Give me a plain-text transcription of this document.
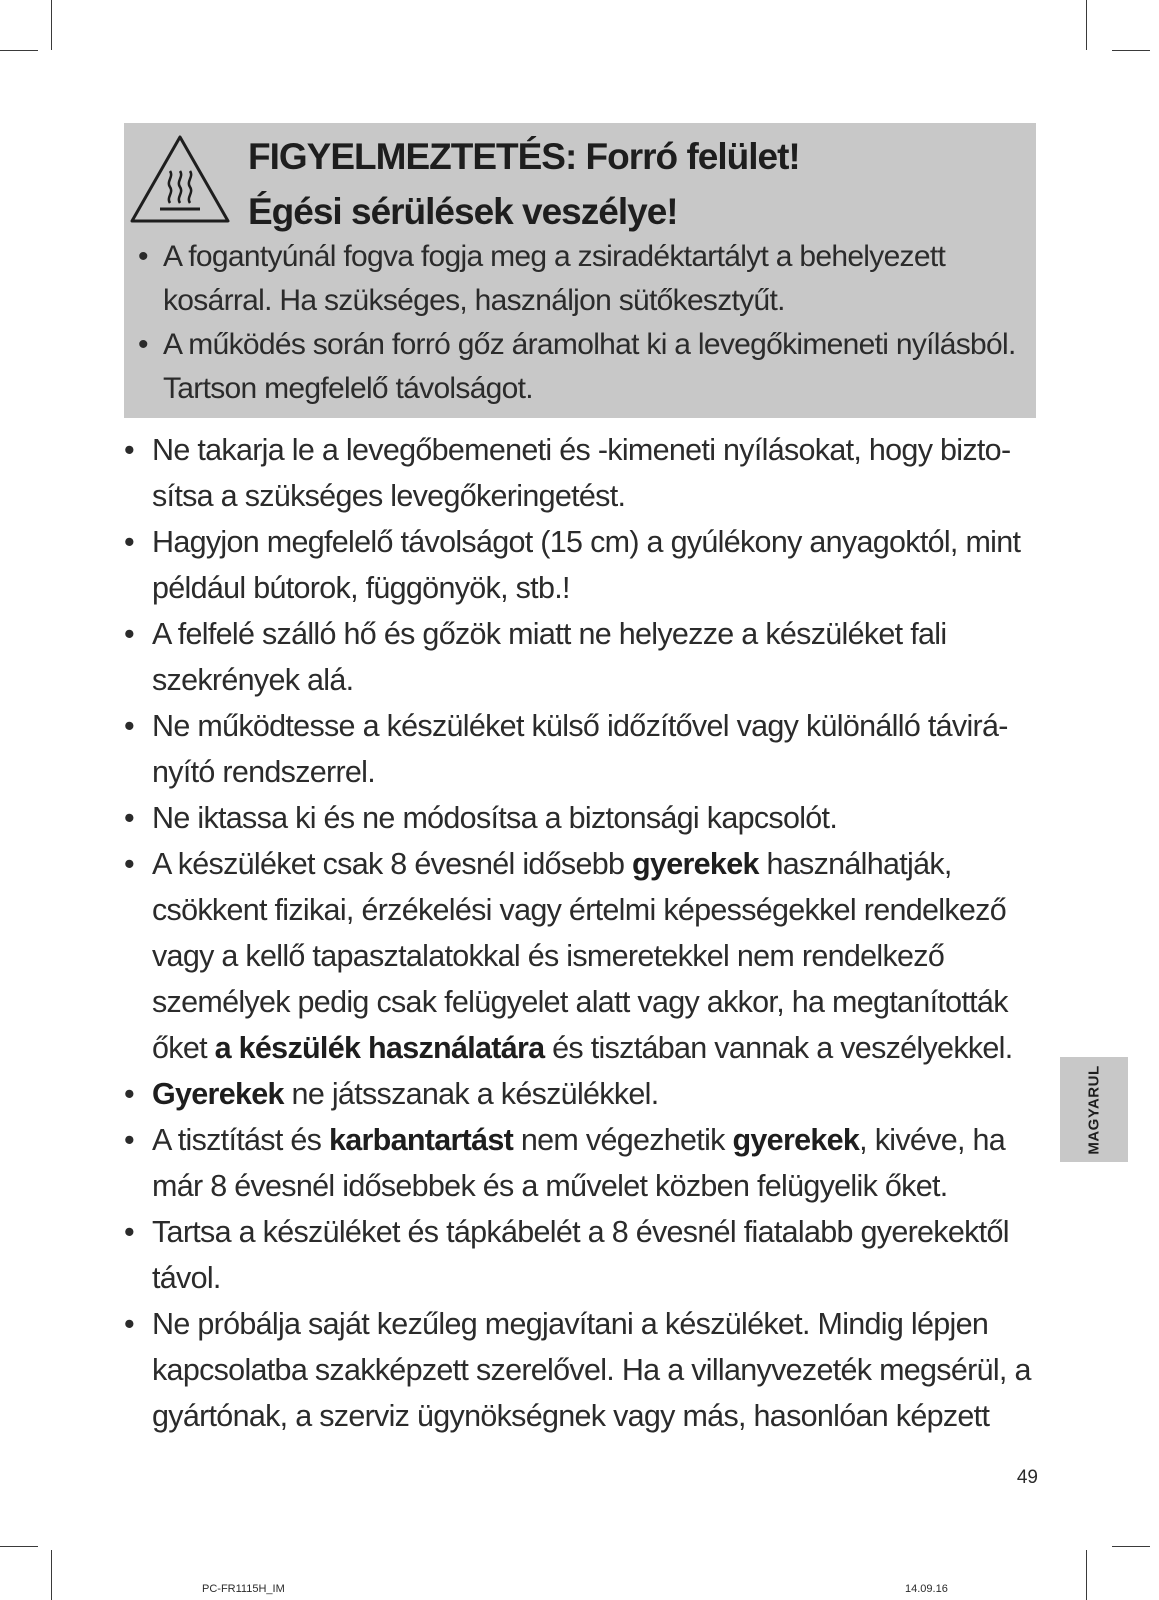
FIGYELMEZTETÉS: Forró felület!
Égési sérülések veszélye!
• A fogantyúnál fogva fogja meg a zsiradéktartályt a behelyezett kosárral. Ha szükséges, használjon sütőkesztyűt.
• A működés során forró gőz áramolhat ki a levegőkimeneti nyílásból. Tartson megfelelő távolságot.
• Ne takarja le a levegőbemeneti és -kimeneti nyílásokat, hogy biztosítsa a szükséges levegőkeringetést.
• Hagyjon megfelelő távolságot (15 cm) a gyúlékony anyagoktól, mint például bútorok, függönyök, stb.!
• A felfelé szálló hő és gőzök miatt ne helyezze a készüléket fali szekrények alá.
• Ne működtesse a készüléket külső időzítővel vagy különálló távirányító rendszerrel.
• Ne iktassa ki és ne módosítsa a biztonsági kapcsolót.
• A készüléket csak 8 évesnél idősebb gyerekek használhatják, csökkent fizikai, érzékelési vagy értelmi képességekkel rendelkező vagy a kellő tapasztalatokkal és ismeretekkel nem rendelkező személyek pedig csak felügyelet alatt vagy akkor, ha megtanították őket a készülék használatára és tisztában vannak a veszélyekkel.
• Gyerekek ne játsszanak a készülékkel.
• A tisztítást és karbantartást nem végezhetik gyerekek, kivéve, ha már 8 évesnél idősebbek és a művelet közben felügyelik őket.
• Tartsa a készüléket és tápkábelét a 8 évesnél fiatalabb gyerekektől távol.
• Ne próbálja saját kezűleg megjavítani a készüléket. Mindig lépjen kapcsolatba szakképzett szerelővel. Ha a villanyvezeték megsérül, a gyártónak, a szerviz ügynökségnek vagy más, hasonlóan képzett
MAGYARUL
49
PC-FR1115H_IM	14.09.16
